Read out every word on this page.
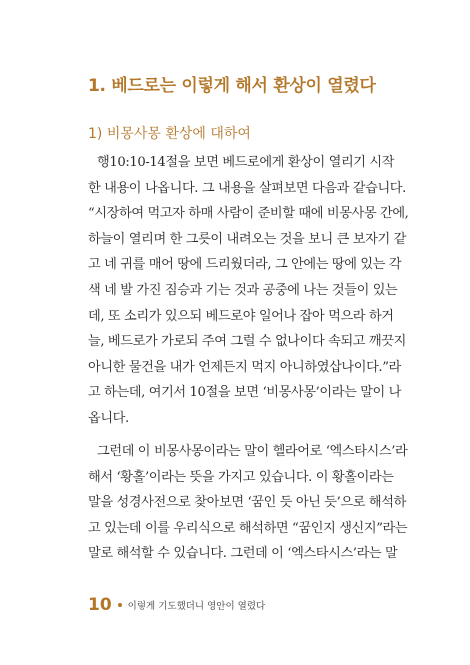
1. 베드로는 이렇게 해서 환상이 열렸다
1) 비몽사몽 환상에 대하여
행10:10-14절을 보면 베드로에게 환상이 열리기 시작
한 내용이 나옵니다. 그 내용을 살펴보면 다음과 같습니다.
“시장하여 먹고자 하매 사람이 준비할 때에 비몽사몽 간에,
하늘이 열리며 한 그릇이 내려오는 것을 보니 큰 보자기 같
고 네 귀를 매어 땅에 드리웠더라, 그 안에는 땅에 있는 각
색 네 발 가진 짐승과 기는 것과 공중에 나는 것들이 있는
데, 또 소리가 있으되 베드로야 일어나 잡아 먹으라 하거
늘, 베드로가 가로되 주여 그럴 수 없나이다 속되고 깨끗지
아니한 물건을 내가 언제든지 먹지 아니하였삽나이다.”라
고 하는데, 여기서 10절을 보면 ‘비몽사몽’이라는 말이 나
옵니다.
그런데 이 비몽사몽이라는 말이 헬라어로 ‘엑스타시스’라
해서 ‘황홀’이라는 뜻을 가지고 있습니다. 이 황홀이라는
말을 성경사전으로 찾아보면 ‘꿈인 듯 아닌 듯’으로 해석하
고 있는데 이를 우리식으로 해석하면 “꿈인지 생신지”라는
말로 해석할 수 있습니다. 그런데 이 ‘엑스타시스’라는 말
10 이렇게 기도했더니 영안이 열렸다
